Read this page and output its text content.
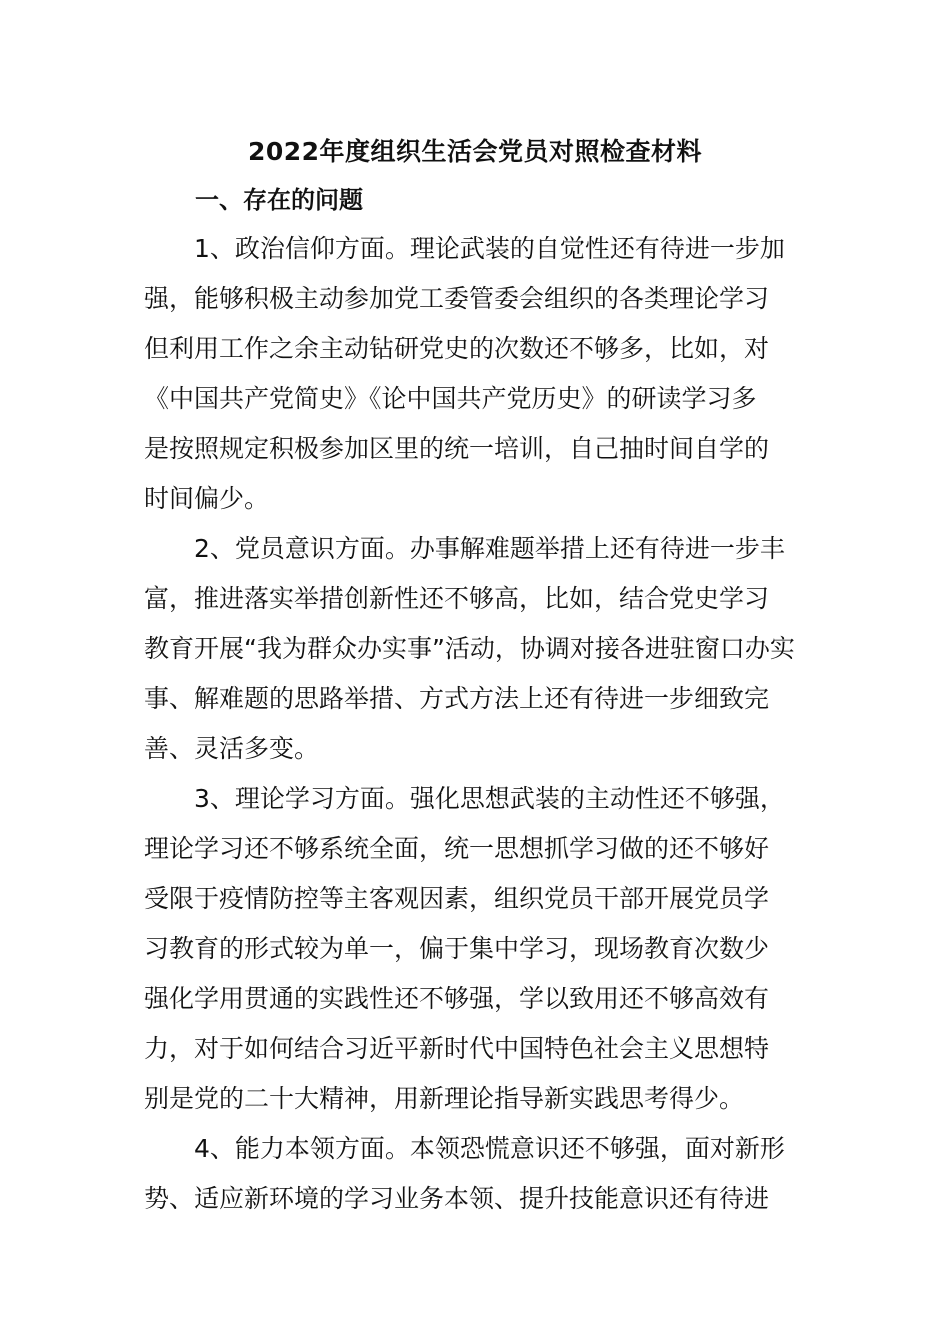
2022年度组织生活会党员对照检查材料
一、存在的问题
1、政治信仰方面。理论武装的自觉性还有待进一步加
强，能够积极主动参加党工委管委会组织的各类理论学习
但利用工作之余主动钻研党史的次数还不够多，比如，对
《中国共产党简史》《论中国共产党历史》的研读学习多
是按照规定积极参加区里的统一培训，自己抽时间自学的
时间偏少。
2、党员意识方面。办事解难题举措上还有待进一步丰
富，推进落实举措创新性还不够高，比如，结合党史学习
教育开展“我为群众办实事”活动，协调对接各进驻窗口办实
事、解难题的思路举措、方式方法上还有待进一步细致完
善、灵活多变。
3、理论学习方面。强化思想武装的主动性还不够强，
理论学习还不够系统全面，统一思想抓学习做的还不够好
受限于疫情防控等主客观因素，组织党员干部开展党员学
习教育的形式较为单一，偏于集中学习，现场教育次数少
强化学用贯通的实践性还不够强，学以致用还不够高效有
力，对于如何结合习近平新时代中国特色社会主义思想特
别是党的二十大精神，用新理论指导新实践思考得少。
4、能力本领方面。本领恐慌意识还不够强，面对新形
势、适应新环境的学习业务本领、提升技能意识还有待进
